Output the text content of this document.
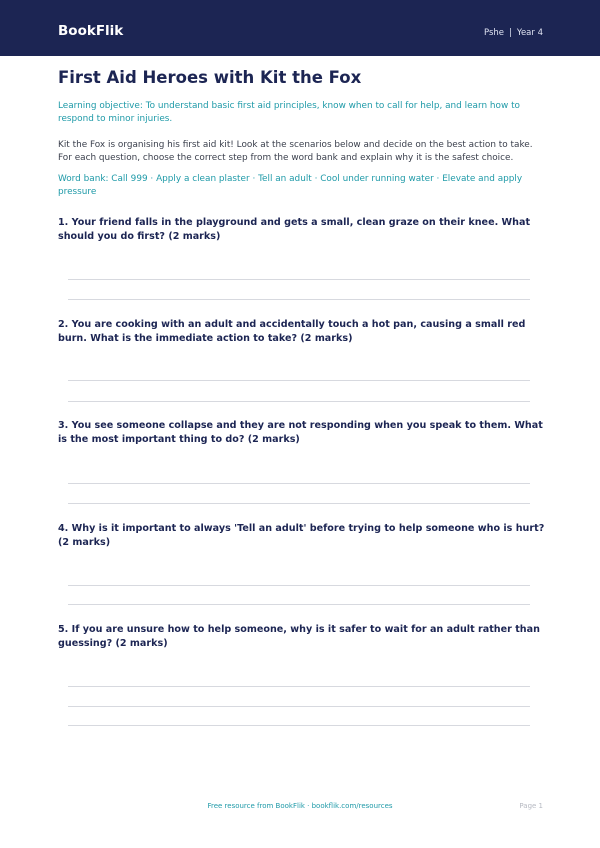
BookFlik	Pshe | Year 4
First Aid Heroes with Kit the Fox
Learning objective: To understand basic first aid principles, know when to call for help, and learn how to respond to minor injuries.
Kit the Fox is organising his first aid kit! Look at the scenarios below and decide on the best action to take. For each question, choose the correct step from the word bank and explain why it is the safest choice.
Word bank: Call 999 · Apply a clean plaster · Tell an adult · Cool under running water · Elevate and apply pressure
1. Your friend falls in the playground and gets a small, clean graze on their knee. What should you do first? (2 marks)
2. You are cooking with an adult and accidentally touch a hot pan, causing a small red burn. What is the immediate action to take? (2 marks)
3. You see someone collapse and they are not responding when you speak to them. What is the most important thing to do? (2 marks)
4. Why is it important to always 'Tell an adult' before trying to help someone who is hurt? (2 marks)
5. If you are unsure how to help someone, why is it safer to wait for an adult rather than guessing? (2 marks)
Free resource from BookFlik · bookflik.com/resources	Page 1
